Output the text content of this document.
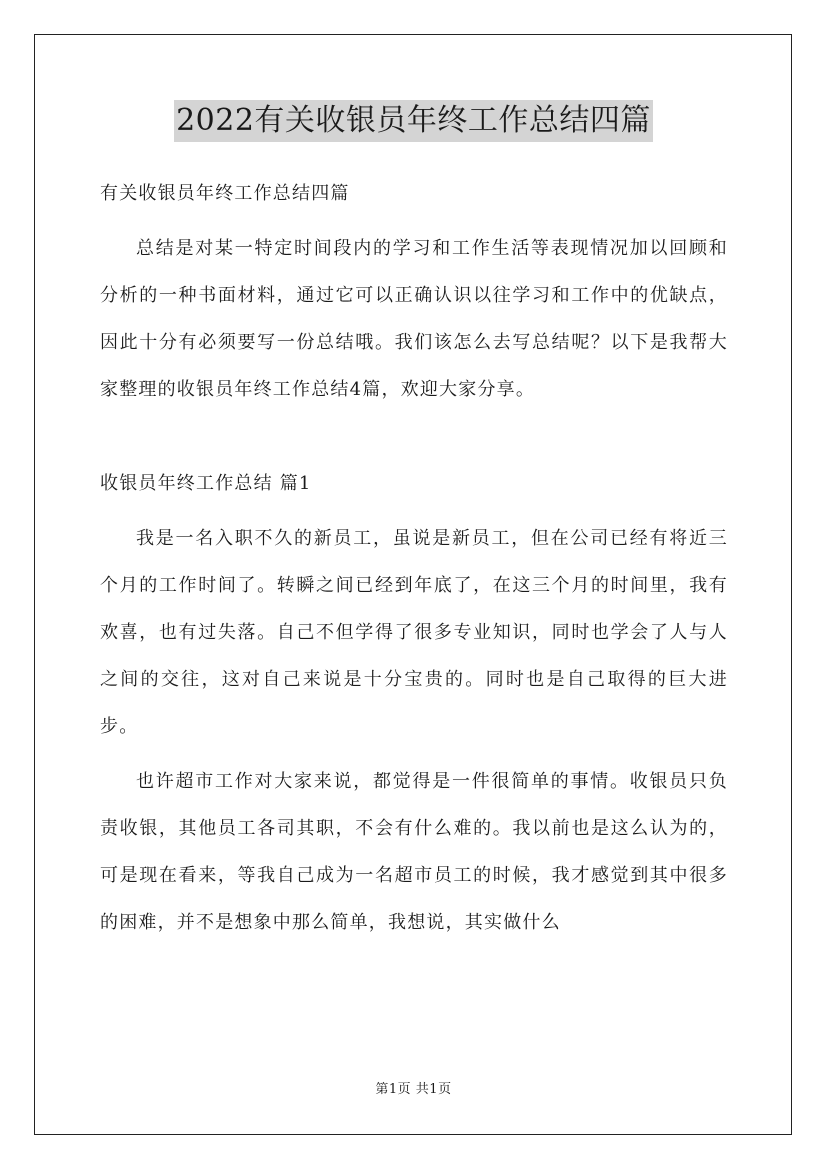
2022有关收银员年终工作总结四篇

有关收银员年终工作总结四篇

总结是对某一特定时间段内的学习和工作生活等表现情况加以回顾和分析的一种书面材料，通过它可以正确认识以往学习和工作中的优缺点，因此十分有必须要写一份总结哦。我们该怎么去写总结呢？以下是我帮大家整理的收银员年终工作总结4篇，欢迎大家分享。

收银员年终工作总结 篇1

我是一名入职不久的新员工，虽说是新员工，但在公司已经有将近三个月的工作时间了。转瞬之间已经到年底了，在这三个月的时间里，我有欢喜，也有过失落。自己不但学得了很多专业知识，同时也学会了人与人之间的交往，这对自己来说是十分宝贵的。同时也是自己取得的巨大进步。

也许超市工作对大家来说，都觉得是一件很简单的事情。收银员只负责收银，其他员工各司其职，不会有什么难的。我以前也是这么认为的，可是现在看来，等我自己成为一名超市员工的时候，我才感觉到其中很多的困难，并不是想象中那么简单，我想说，其实做什么

第1页 共1页
